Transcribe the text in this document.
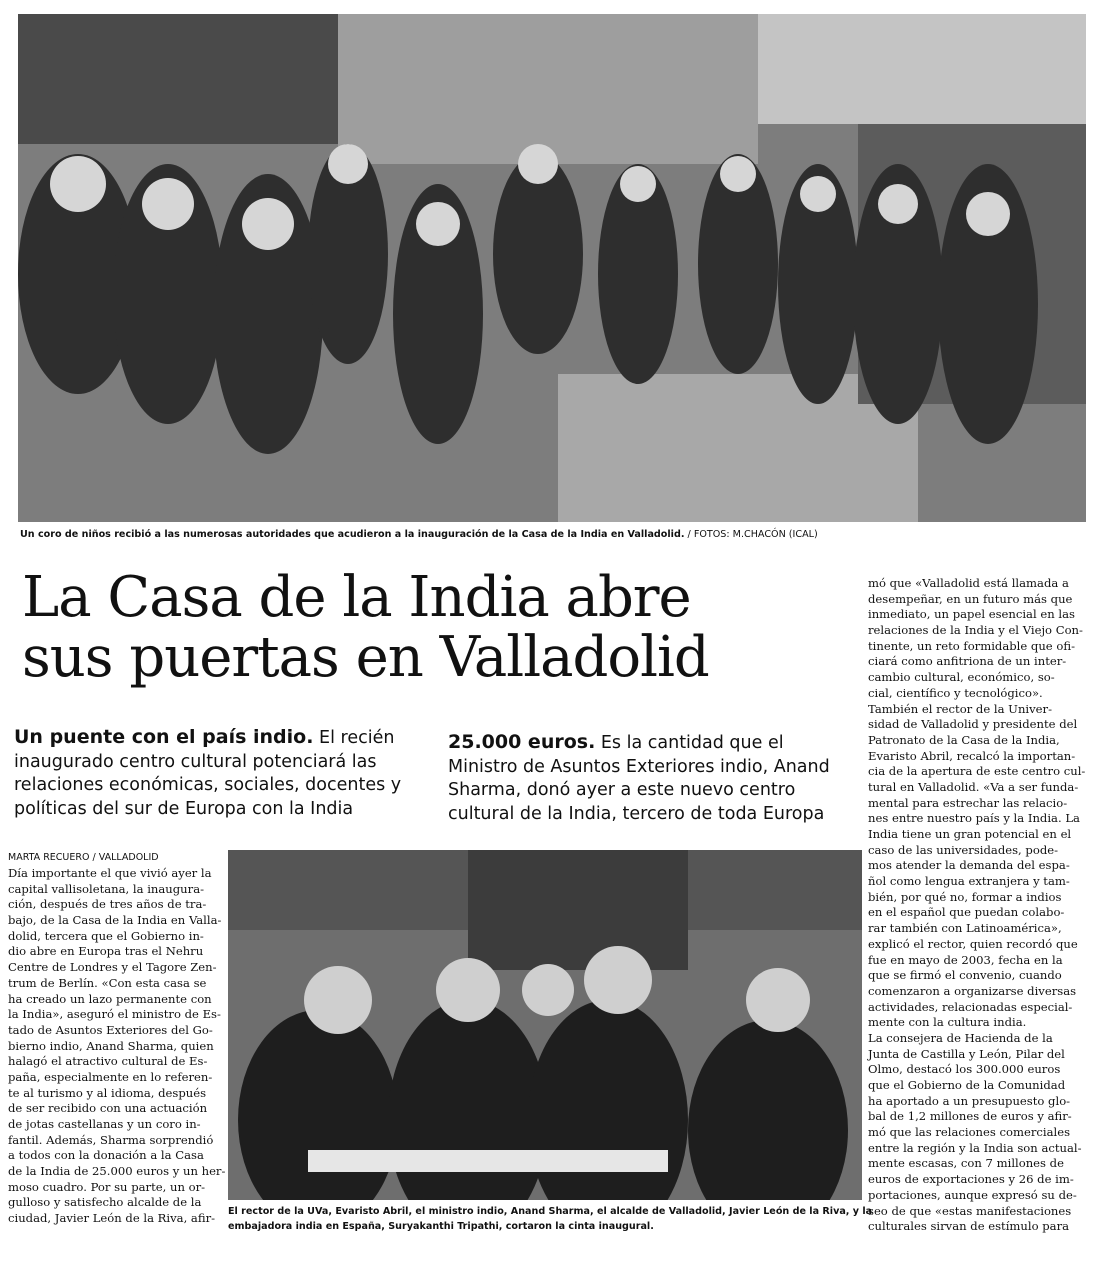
Un coro de niños recibió a las numerosas autoridades que acudieron a la inauguración de la Casa de la India en Valladolid. / FOTOS: M.CHACÓN (ICAL)
La Casa de la India abre
sus puertas en Valladolid
Un puente con el país indio. El recién
inaugurado centro cultural potenciará las
relaciones económicas, sociales, docentes y
políticas del sur de Europa con la India
25.000 euros. Es la cantidad que el
Ministro de Asuntos Exteriores indio, Anand
Sharma, donó ayer a este nuevo centro
cultural de la India, tercero de toda Europa
MARTA RECUERO / VALLADOLID
Día importante el que vivió ayer la
capital vallisoletana, la inaugura-
ción, después de tres años de tra-
bajo, de la Casa de la India en Valla-
dolid, tercera que el Gobierno in-
dio abre en Europa tras el Nehru
Centre de Londres y el Tagore Zen-
trum de Berlín. «Con esta casa se
ha creado un lazo permanente con
la India», aseguró el ministro de Es-
tado de Asuntos Exteriores del Go-
bierno indio, Anand Sharma, quien
halagó el atractivo cultural de Es-
paña, especialmente en lo referen-
te al turismo y al idioma, después
de ser recibido con una actuación
de jotas castellanas y un coro in-
fantil. Además, Sharma sorprendió
a todos con la donación a la Casa
de la India de 25.000 euros y un her-
moso cuadro. Por su parte, un or-
gulloso y satisfecho alcalde de la
ciudad, Javier León de la Riva, afir-	El rector de la UVa, Evaristo Abril, el ministro indio, Anand Sharma, el alcalde de Valladolid, Javier León de la Riva, y la
embajadora india en España, Suryakanthi Tripathi, cortaron la cinta inaugural.
mó que «Valladolid está llamada a
desempeñar, en un futuro más que
inmediato, un papel esencial en las
relaciones de la India y el Viejo Con-
tinente, un reto formidable que ofi-
ciará como anfitriona de un inter-
cambio cultural, económico, so-
cial, científico y tecnológico».
También el rector de la Univer-
sidad de Valladolid y presidente del
Patronato de la Casa de la India,
Evaristo Abril, recalcó la importan-
cia de la apertura de este centro cul-
tural en Valladolid. «Va a ser funda-
mental para estrechar las relacio-
nes entre nuestro país y la India. La
India tiene un gran potencial en el
caso de las universidades, pode-
mos atender la demanda del espa-
ñol como lengua extranjera y tam-
bién, por qué no, formar a indios
en el español que puedan colabo-
rar también con Latinoamérica»,
explicó el rector, quien recordó que
fue en mayo de 2003, fecha en la
que se firmó el convenio, cuando
comenzaron a organizarse diversas
actividades, relacionadas especial-
mente con la cultura india.
La consejera de Hacienda de la
Junta de Castilla y León, Pilar del
Olmo, destacó los 300.000 euros
que el Gobierno de la Comunidad
ha aportado a un presupuesto glo-
bal de 1,2 millones de euros y afir-
mó que las relaciones comerciales
entre la región y la India son actual-
mente escasas, con 7 millones de
euros de exportaciones y 26 de im-
portaciones, aunque expresó su de-
seo de que «estas manifestaciones
culturales sirvan de estímulo para
